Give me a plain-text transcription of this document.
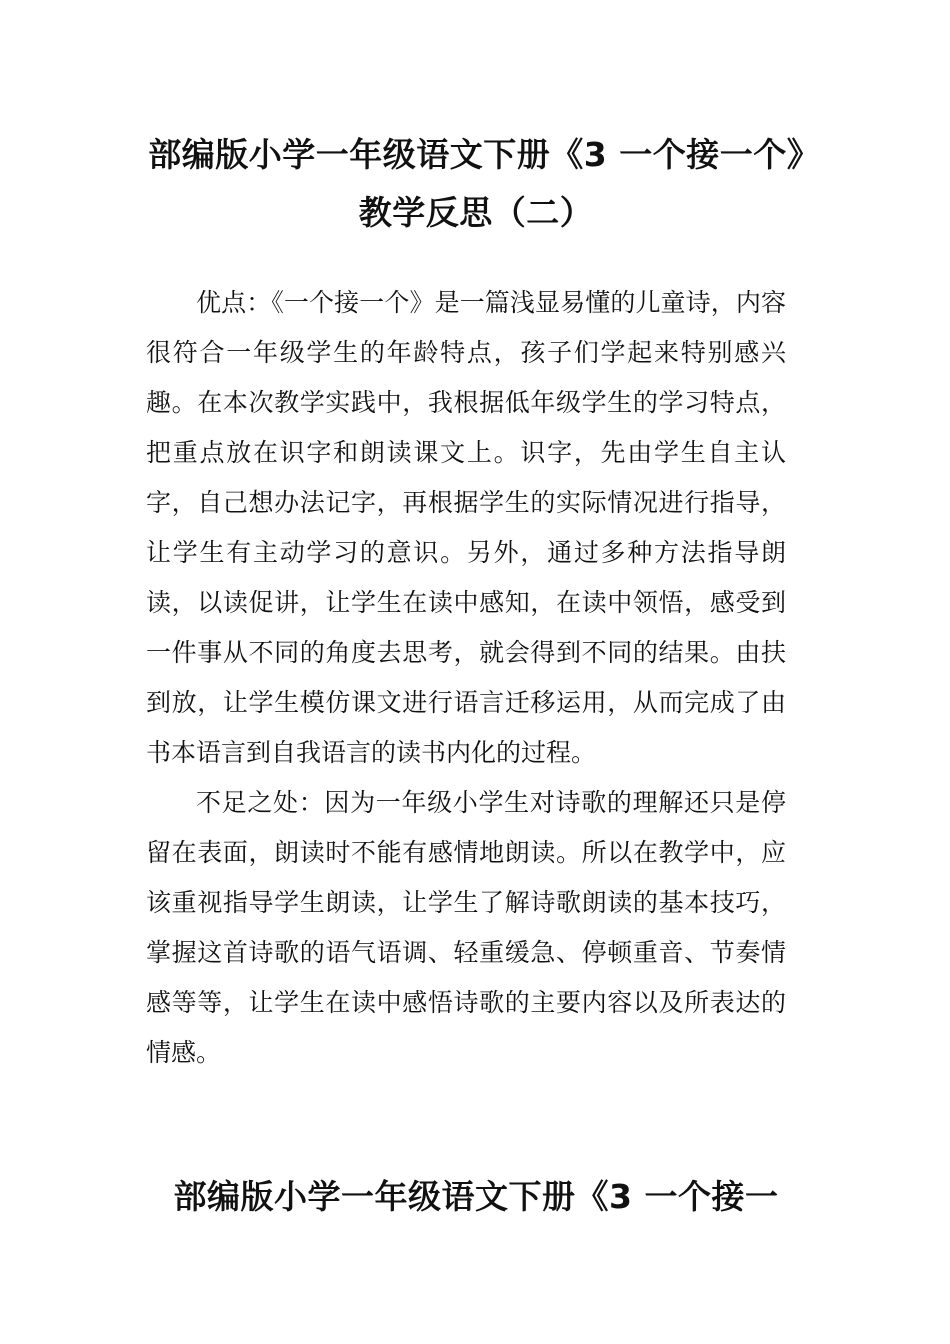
部编版小学一年级语文下册《3 一个接一个》教学反思（二）

优点：《一个接一个》是一篇浅显易懂的儿童诗，内容很符合一年级学生的年龄特点，孩子们学起来特别感兴趣。在本次教学实践中，我根据低年级学生的学习特点，把重点放在识字和朗读课文上。识字，先由学生自主认字，自己想办法记字，再根据学生的实际情况进行指导，让学生有主动学习的意识。另外，通过多种方法指导朗读，以读促讲，让学生在读中感知，在读中领悟，感受到一件事从不同的角度去思考，就会得到不同的结果。由扶到放，让学生模仿课文进行语言迁移运用，从而完成了由书本语言到自我语言的读书内化的过程。

不足之处：因为一年级小学生对诗歌的理解还只是停留在表面，朗读时不能有感情地朗读。所以在教学中，应该重视指导学生朗读，让学生了解诗歌朗读的基本技巧，掌握这首诗歌的语气语调、轻重缓急、停顿重音、节奏情感等等，让学生在读中感悟诗歌的主要内容以及所表达的情感。

部编版小学一年级语文下册《3 一个接一
